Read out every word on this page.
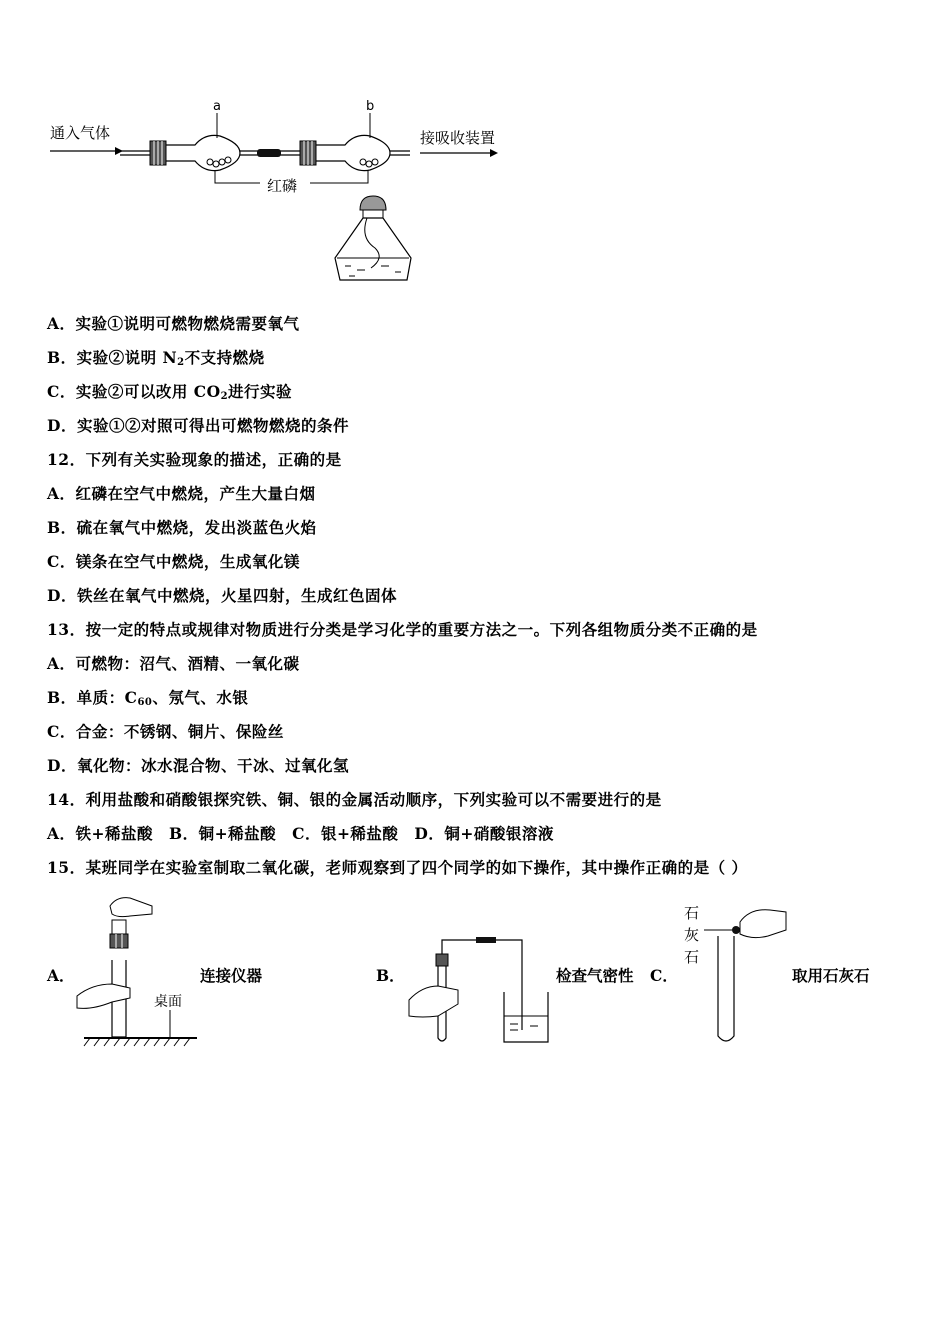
通入气体
a	b
接吸收装置
红磷
A．实验①说明可燃物燃烧需要氧气
B．实验②说明 $N_2$不支持燃烧
C．实验②可以改用 $CO_2$进行实验
D．实验①②对照可得出可燃物燃烧的条件
12．下列有关实验现象的描述，正确的是
A．红磷在空气中燃烧，产生大量白烟
B．硫在氧气中燃烧，发出淡蓝色火焰
C．镁条在空气中燃烧，生成氧化镁
D．铁丝在氧气中燃烧，火星四射，生成红色固体
13．按一定的特点或规律对物质进行分类是学习化学的重要方法之一。下列各组物质分类不正确的是
A．可燃物：沼气、酒精、一氧化碳
B．单质：$C_{60}$、氖气、水银
C．合金：不锈钢、铜片、保险丝
D．氧化物：冰水混合物、干冰、过氧化氢
14．利用盐酸和硝酸银探究铁、铜、银的金属活动顺序，下列实验可以不需要进行的是
A．铁+稀盐酸　B．铜+稀盐酸　C．银+稀盐酸　D．铜+硝酸银溶液
15．某班同学在实验室制取二氧化碳，老师观察到了四个同学的如下操作，其中操作正确的是（ ）
A．
桌面
连接仪器	B．	检查气密性 C．
石
灰
石
取用石灰石
